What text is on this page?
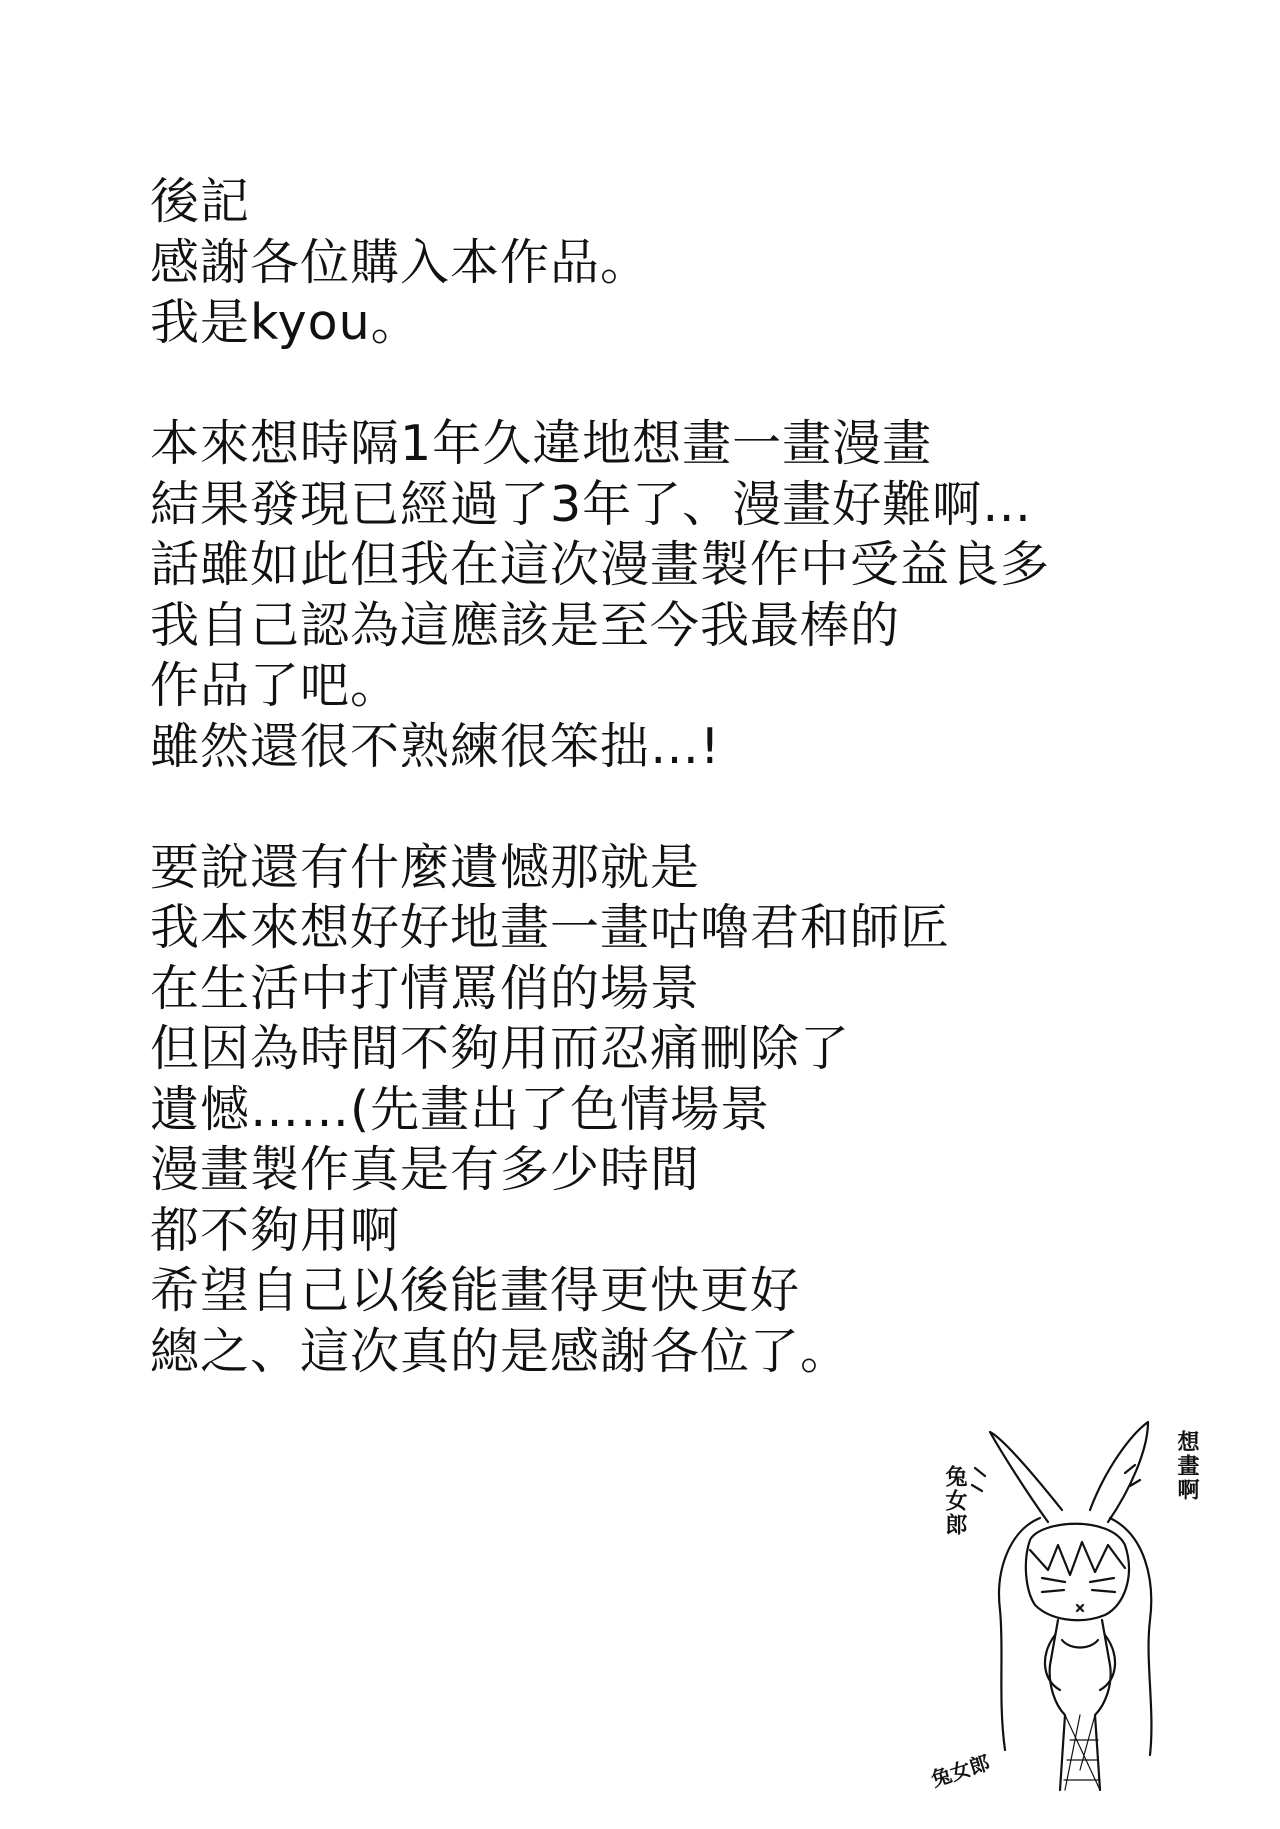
後記
感謝各位購入本作品。
我是kyou。
本來想時隔1年久違地想畫一畫漫畫
結果發現已經過了3年了、漫畫好難啊…
話雖如此但我在這次漫畫製作中受益良多
我自己認為這應該是至今我最棒的
作品了吧。
雖然還很不熟練很笨拙…!
要說還有什麼遺憾那就是
我本來想好好地畫一畫咕嚕君和師匠
在生活中打情罵俏的場景
但因為時間不夠用而忍痛刪除了
遺憾……(先畫出了色情場景
漫畫製作真是有多少時間
都不夠用啊
希望自己以後能畫得更快更好
總之、這次真的是感謝各位了。
兔女郎	想畫啊
兔女郎
